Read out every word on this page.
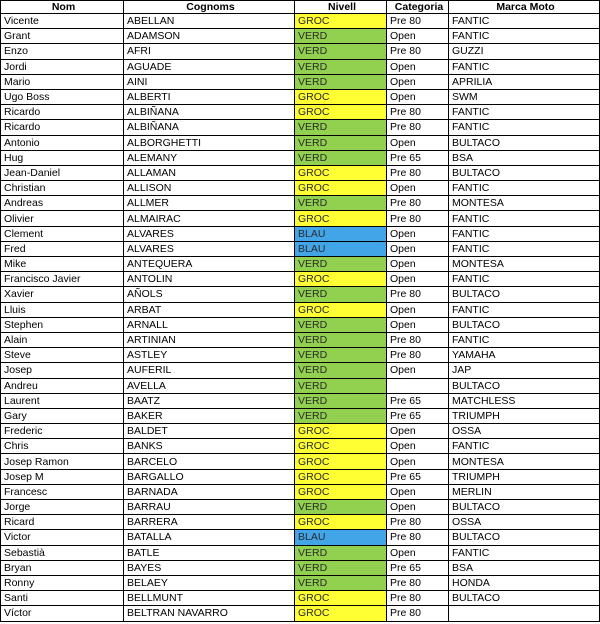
Nom	Cognoms	Nivell	Categoria	Marca Moto
Vicente	ABELLAN	GROC	Pre 80	FANTIC
Grant	ADAMSON	VERD	Open	FANTIC
Enzo	AFRI	VERD	Pre 80	GUZZI
Jordi	AGUADE	VERD	Open	FANTIC
Mario	AINI	VERD	Open	APRILIA
Ugo Boss	ALBERTI	GROC	Open	SWM
Ricardo	ALBIÑANA	GROC	Pre 80	FANTIC
Ricardo	ALBIÑANA	VERD	Pre 80	FANTIC
Antonio	ALBORGHETTI	VERD	Open	BULTACO
Hug	ALEMANY	VERD	Pre 65	BSA
Jean-Daniel	ALLAMAN	GROC	Pre 80	BULTACO
Christian	ALLISON	GROC	Open	FANTIC
Andreas	ALLMER	VERD	Pre 80	MONTESA
Olivier	ALMAIRAC	GROC	Pre 80	FANTIC
Clement	ALVARES	BLAU	Open	FANTIC
Fred	ALVARES	BLAU	Open	FANTIC
Mike	ANTEQUERA	VERD	Open	MONTESA
Francisco Javier	ANTOLIN	GROC	Open	FANTIC
Xavier	AÑOLS	VERD	Pre 80	BULTACO
Lluis	ARBAT	GROC	Open	FANTIC
Stephen	ARNALL	VERD	Open	BULTACO
Alain	ARTINIAN	VERD	Pre 80	FANTIC
Steve	ASTLEY	VERD	Pre 80	YAMAHA
Josep	AUFERIL	VERD	Open	JAP
Andreu	AVELLA	VERD		BULTACO
Laurent	BAATZ	VERD	Pre 65	MATCHLESS
Gary	BAKER	VERD	Pre 65	TRIUMPH
Frederic	BALDET	GROC	Open	OSSA
Chris	BANKS	GROC	Open	FANTIC
Josep Ramon	BARCELO	GROC	Open	MONTESA
Josep M	BARGALLO	GROC	Pre 65	TRIUMPH
Francesc	BARNADA	GROC	Open	MERLIN
Jorge	BARRAU	VERD	Open	BULTACO
Ricard	BARRERA	GROC	Pre 80	OSSA
Victor	BATALLA	BLAU	Pre 80	BULTACO
Sebastià	BATLE	VERD	Open	FANTIC
Bryan	BAYES	VERD	Pre 65	BSA
Ronny	BELAEY	VERD	Pre 80	HONDA
Santi	BELLMUNT	GROC	Pre 80	BULTACO
Víctor	BELTRAN NAVARRO	GROC	Pre 80	
